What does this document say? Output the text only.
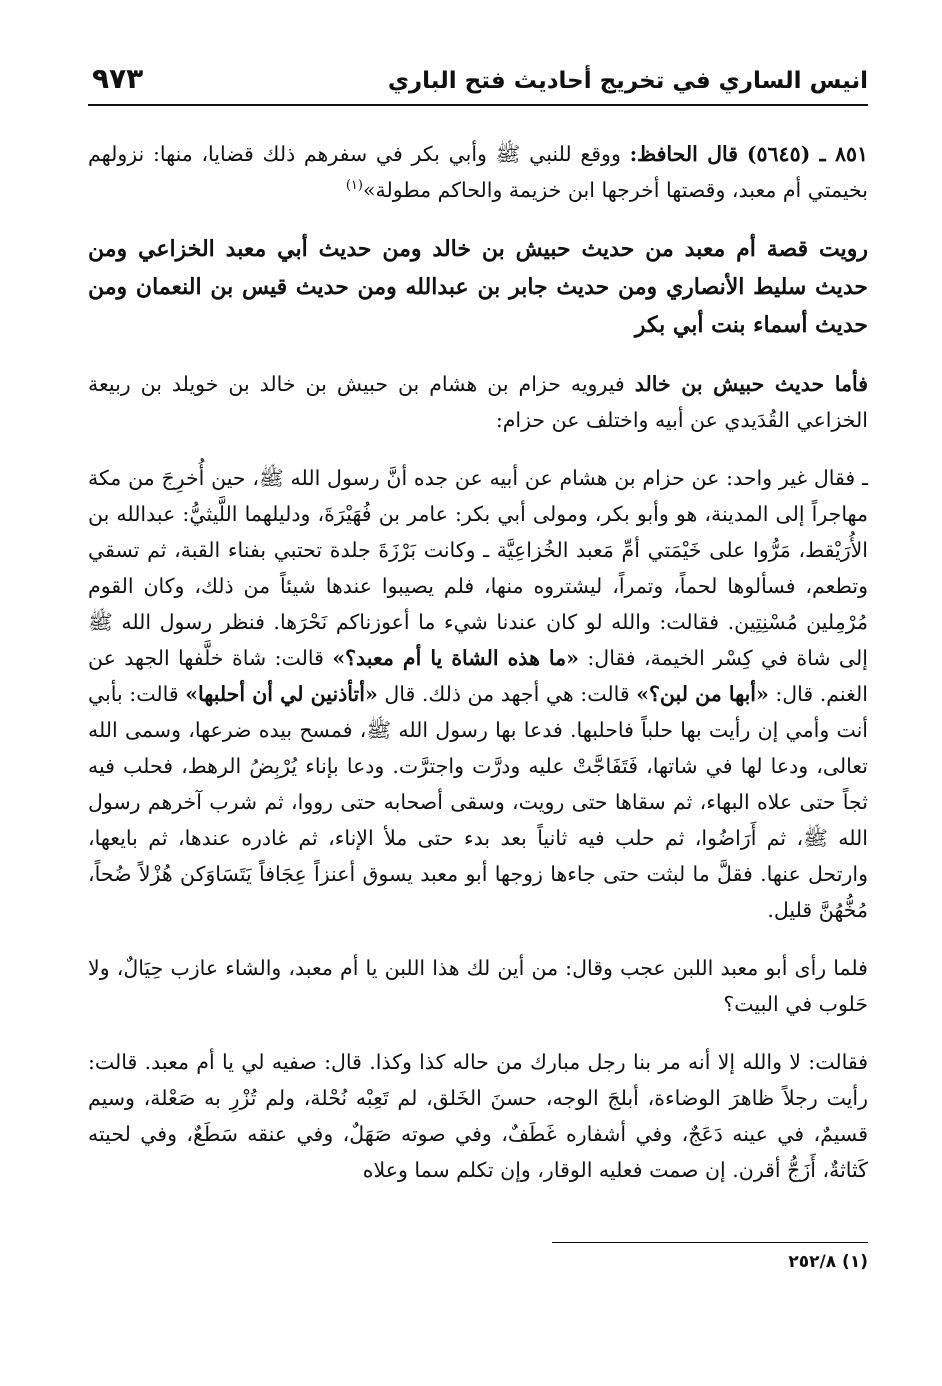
انيس الساري في تخريج أحاديث فتح الباري
٩٧٣

٨٥١ ـ (٥٦٤٥) قال الحافظ: ووقع للنبي ﷺ وأبي بكر في سفرهم ذلك قضايا، منها: نزولهم بخيمتي أم معبد، وقصتها أخرجها ابن خزيمة والحاكم مطولة»$^{(١)}$

رويت قصة أم معبد من حديث حبيش بن خالد ومن حديث أبي معبد الخزاعي ومن حديث سليط الأنصاري ومن حديث جابر بن عبدالله ومن حديث قيس بن النعمان ومن حديث أسماء بنت أبي بكر

فأما حديث حبيش بن خالد فيرويه حزام بن هشام بن حبيش بن خالد بن خويلد بن ربيعة الخزاعي القُدَيدي عن أبيه واختلف عن حزام:

ـ فقال غير واحد: عن حزام بن هشام عن أبيه عن جده أنَّ رسول الله ﷺ، حين أُخرِجَ من مكة مهاجراً إلى المدينة، هو وأبو بكر، ومولى أبي بكر: عامر بن فُهَيْرَةَ، ودليلهما اللَّيثيُّ: عبدالله بن الأُرَيْقط، مَرُّوا على خَيْمَتي أمِّ مَعبد الخُزاعِيَّة ـ وكانت بَرْزَةَ جلدة تحتبي بفناء القبة، ثم تسقي وتطعم، فسألوها لحماً، وتمراً، ليشتروه منها، فلم يصيبوا عندها شيئاً من ذلك، وكان القوم مُرْمِلين مُسْنِتِين. فقالت: والله لو كان عندنا شيء ما أعوزناكم نَحْرَها. فنظر رسول الله ﷺ إلى شاة في كِسْر الخيمة، فقال: «ما هذه الشاة يا أم معبد؟» قالت: شاة خلَّفها الجهد عن الغنم. قال: «أبها من لبن؟» قالت: هي أجهد من ذلك. قال «أتأذنين لي أن أحلبها» قالت: بأبي أنت وأمي إن رأيت بها حلباً فاحلبها. فدعا بها رسول الله ﷺ، فمسح بيده ضرعها، وسمى الله تعالى، ودعا لها في شاتها، فَتَفَاجَّتْ عليه ودرَّت واجترَّت. ودعا بإناء يُرْبِضُ الرهط، فحلب فيه ثجاً حتى علاه البهاء، ثم سقاها حتى رويت، وسقى أصحابه حتى رووا، ثم شرب آخرهم رسول الله ﷺ، ثم أَرَاضُوا، ثم حلب فيه ثانياً بعد بدء حتى ملأ الإناء، ثم غادره عندها، ثم بايعها، وارتحل عنها. فقلَّ ما لبثت حتى جاءها زوجها أبو معبد يسوق أعنزاً عِجَافاً يَتَسَاوَكن هُزْلاً ضُحاً، مُخُّهُنَّ قليل.

فلما رأى أبو معبد اللبن عجب وقال: من أين لك هذا اللبن يا أم معبد، والشاء عازب حِيَالٌ، ولا حَلوب في البيت؟

فقالت: لا والله إلا أنه مر بنا رجل مبارك من حاله كذا وكذا. قال: صفيه لي يا أم معبد. قالت: رأيت رجلاً ظاهرَ الوضاءة، أبلجَ الوجه، حسنَ الخَلق، لم تَعِبْه نُحْلة، ولم تُزْرِ به صَعْلة، وسيم قسيمٌ، في عينه دَعَجٌ، وفي أشفاره غَطَفٌ، وفي صوته صَهَلٌ، وفي عنقه سَطَعٌ، وفي لحيته كَثاثةٌ، أَزَجُّ أقرن. إن صمت فعليه الوقار، وإن تكلم سما وعلاه

(١) ٢٥٢/٨
